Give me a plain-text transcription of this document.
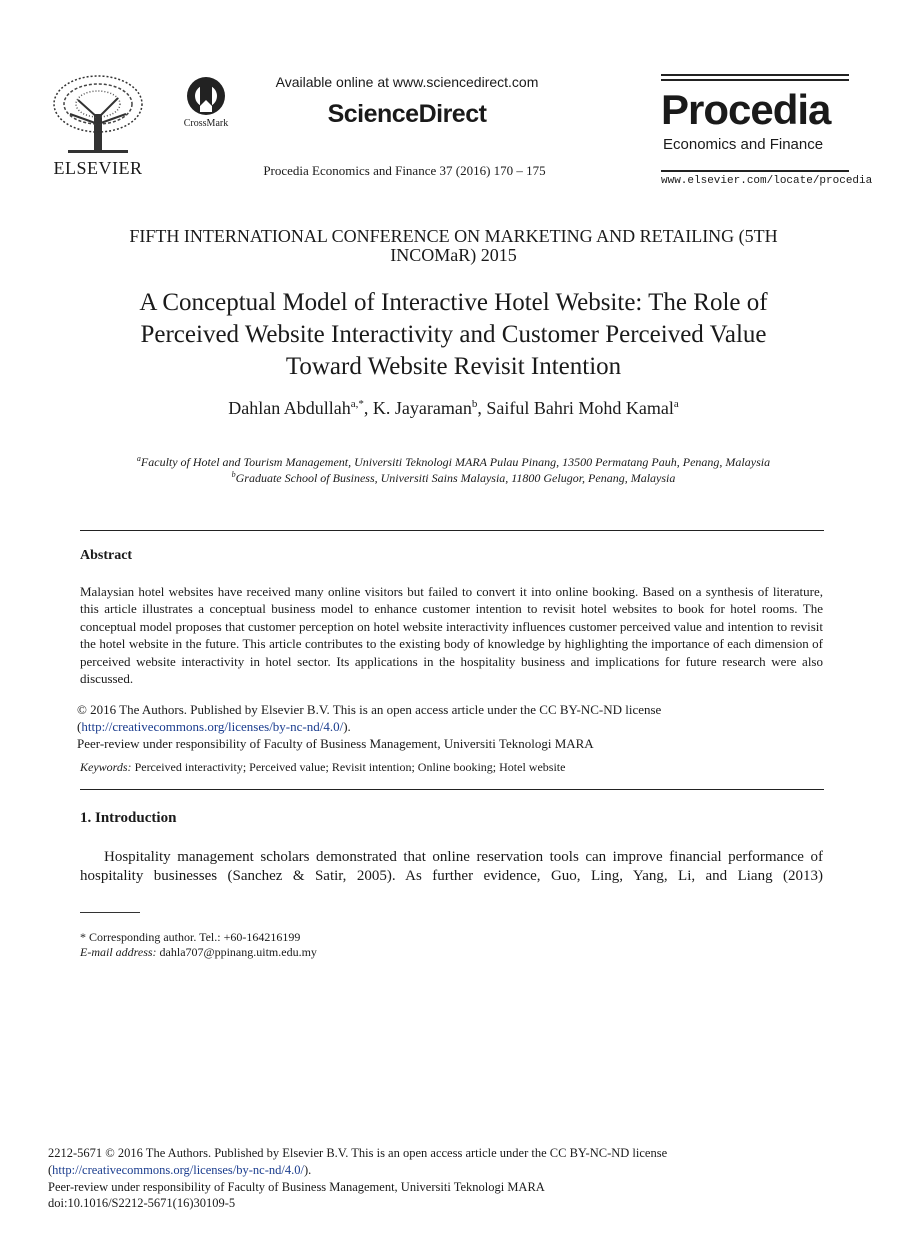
ELSEVIER
CrossMark
Available online at www.sciencedirect.com
ScienceDirect
Procedia Economics and Finance 37 (2016) 170 – 175
Procedia
Economics and Finance
www.elsevier.com/locate/procedia
FIFTH INTERNATIONAL CONFERENCE ON MARKETING AND RETAILING (5TH
INCOMaR) 2015
A Conceptual Model of Interactive Hotel Website: The Role of
Perceived Website Interactivity and Customer Perceived Value
Toward Website Revisit Intention
Dahlan Abdullah$^{a,*}$, K. Jayaraman$^b$, Saiful Bahri Mohd Kamal$^a$
$^a$Faculty of Hotel and Tourism Management, Universiti Teknologi MARA Pulau Pinang, 13500 Permatang Pauh, Penang, Malaysia
$^b$Graduate School of Business, Universiti Sains Malaysia, 11800 Gelugor, Penang, Malaysia
Abstract
Malaysian hotel websites have received many online visitors but failed to convert it into online booking. Based on a synthesis of literature, this article illustrates a conceptual business model to enhance customer intention to revisit hotel websites to book for hotel rooms. The conceptual model proposes that customer perception on hotel website interactivity influences customer perceived value and intention to revisit the hotel website in the future. This article contributes to the existing body of knowledge by highlighting the importance of each dimension of perceived website interactivity in hotel sector. Its applications in the hospitality business and implications for future research were also discussed.
© 2016 The Authors. Published by Elsevier B.V. This is an open access article under the CC BY-NC-ND license
(http://creativecommons.org/licenses/by-nc-nd/4.0/).
Peer-review under responsibility of Faculty of Business Management, Universiti Teknologi MARA
Keywords: Perceived interactivity; Perceived value; Revisit intention; Online booking; Hotel website
1. Introduction
Hospitality management scholars demonstrated that online reservation tools can improve financial performance of hospitality businesses (Sanchez & Satir, 2005). As further evidence, Guo, Ling, Yang, Li, and Liang (2013)
* Corresponding author. Tel.: +60-164216199
E-mail address: dahla707@ppinang.uitm.edu.my
2212-5671 © 2016 The Authors. Published by Elsevier B.V. This is an open access article under the CC BY-NC-ND license
(http://creativecommons.org/licenses/by-nc-nd/4.0/).
Peer-review under responsibility of Faculty of Business Management, Universiti Teknologi MARA
doi:10.1016/S2212-5671(16)30109-5
